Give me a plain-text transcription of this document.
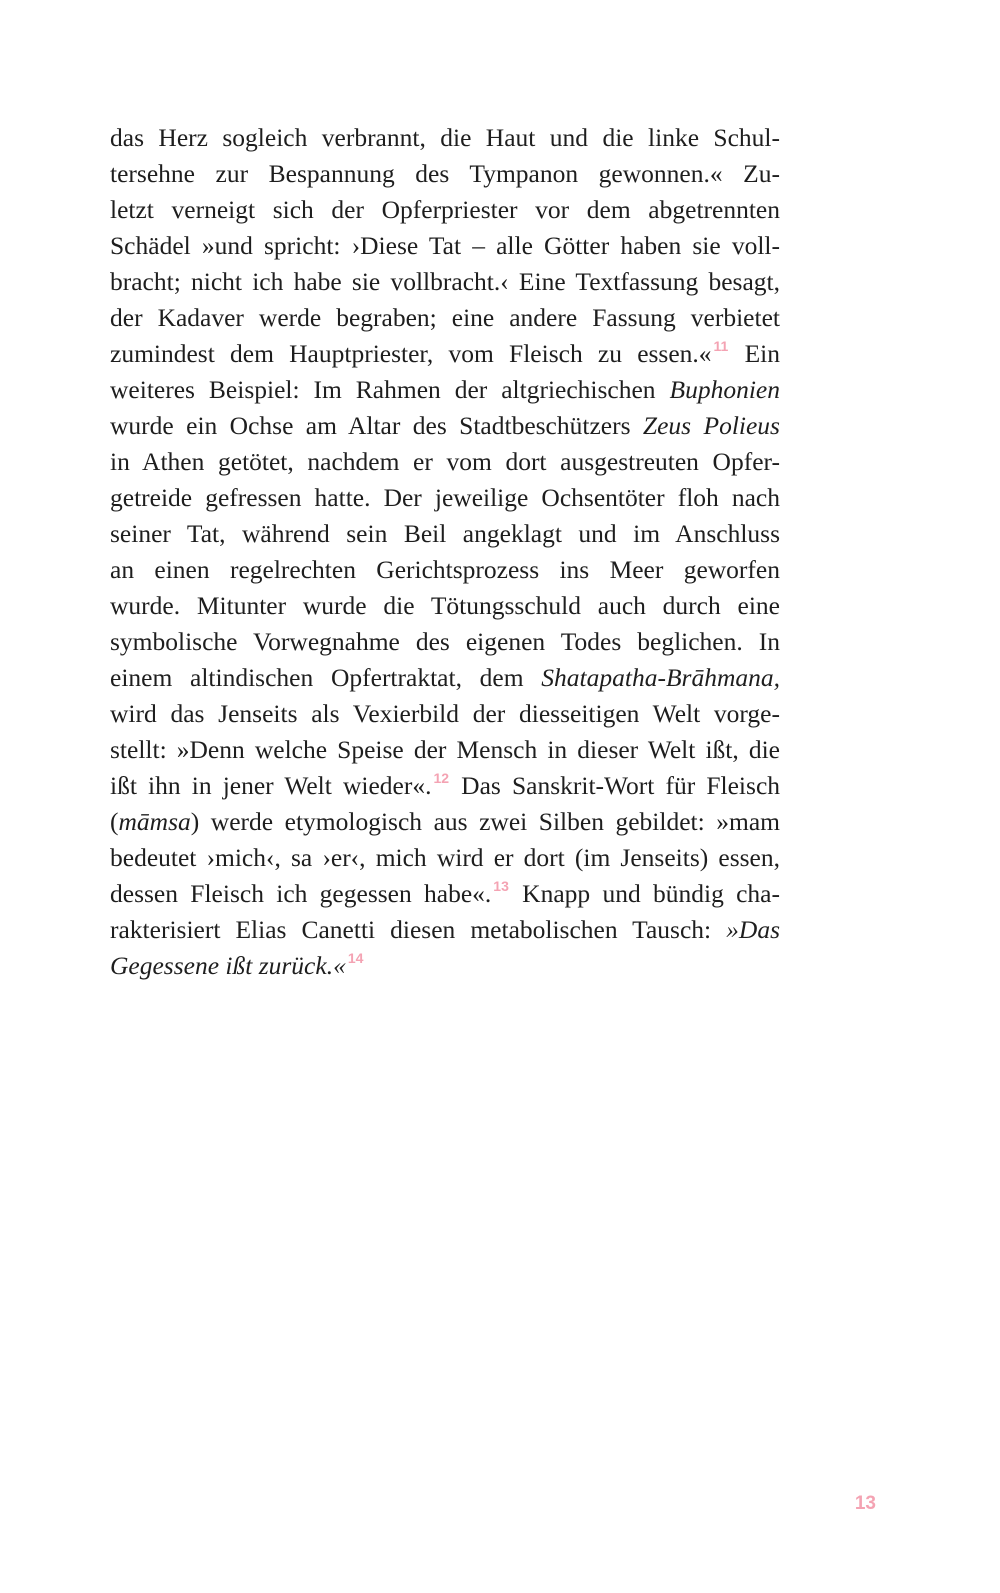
das Herz sogleich verbrannt, die Haut und die linke Schul-
tersehne zur Bespannung des Tympanon gewonnen.« Zu-
letzt verneigt sich der Opferpriester vor dem abgetrennten
Schädel »und spricht: ›Diese Tat – alle Götter haben sie voll-
bracht; nicht ich habe sie vollbracht.‹ Eine Textfassung besagt,
der Kadaver werde begraben; eine andere Fassung verbietet
zumindest dem Hauptpriester, vom Fleisch zu essen.« $^{11}$ Ein
weiteres Beispiel: Im Rahmen der altgriechischen Buphonien
wurde ein Ochse am Altar des Stadtbeschützers Zeus Polieus
in Athen getötet, nachdem er vom dort ausgestreuten Opfer-
getreide gefressen hatte. Der jeweilige Ochsentöter floh nach
seiner Tat, während sein Beil angeklagt und im Anschluss
an einen regelrechten Gerichtsprozess ins Meer geworfen
wurde. Mitunter wurde die Tötungsschuld auch durch eine
symbolische Vorwegnahme des eigenen Todes beglichen. In
einem altindischen Opfertraktat, dem Shatapatha-Brāhmana,
wird das Jenseits als Vexierbild der diesseitigen Welt vorge-
stellt: »Denn welche Speise der Mensch in dieser Welt ißt, die
ißt ihn in jener Welt wieder«. $^{12}$ Das Sanskrit-Wort für Fleisch
(māmsa) werde etymologisch aus zwei Silben gebildet: »mam
bedeutet ›mich‹, sa ›er‹, mich wird er dort (im Jenseits) essen,
dessen Fleisch ich gegessen habe«. $^{13}$ Knapp und bündig cha-
rakterisiert Elias Canetti diesen metabolischen Tausch: »Das
Gegessene ißt zurück.« $^{14}$
13
